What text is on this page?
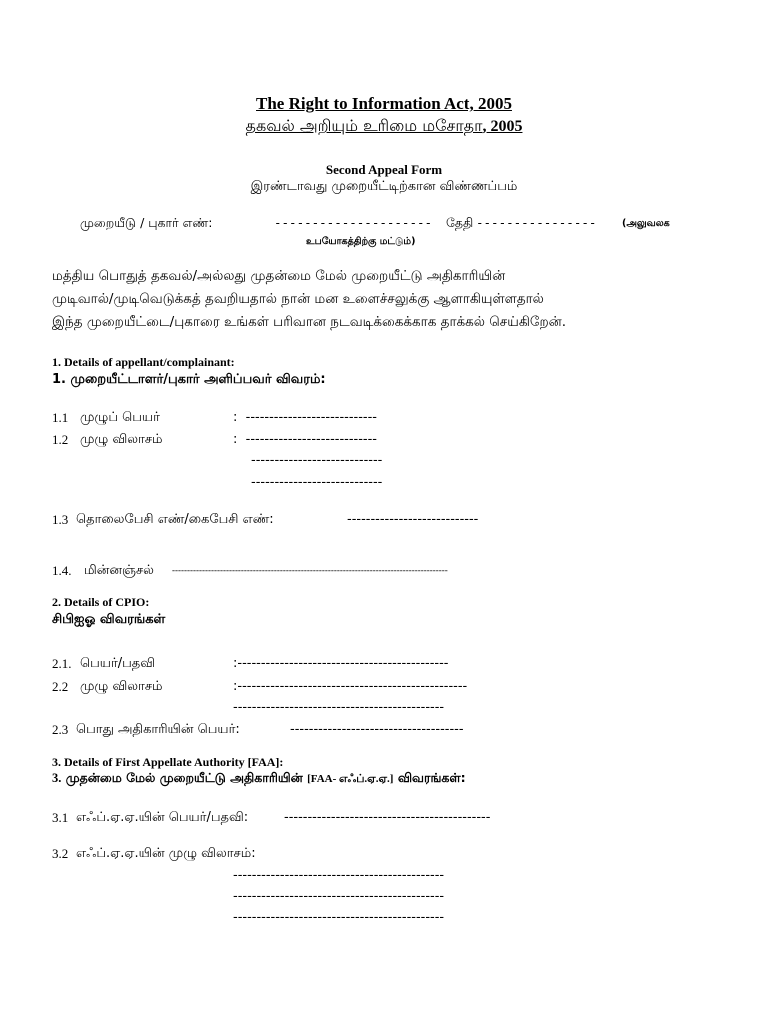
The Right to Information Act, 2005
தகவல் அறியும் உரிமை மசோதா, 2005
Second Appeal Form
இரண்டாவது முறையீட்டிற்கான விண்ணப்பம்
முறையீடு / புகார் எண்:	--------------------- தேதி ----------------	(அலுவலக
உபயோகத்திற்கு மட்டும்)
மத்திய பொதுத் தகவல்/அல்லது முதன்மை மேல் முறையீட்டு அதிகாரியின்
முடிவால்/முடிவெடுக்கத் தவறியதால் நான் மன உளைச்சலுக்கு ஆளாகியுள்ளதால்
இந்த முறையீட்டை/புகாரை உங்கள் பரிவான நடவடிக்கைக்காக தாக்கல் செய்கிறேன்.
1. Details of appellant/complainant:
1. முறையீட்டாளர்/புகார் அளிப்பவர் விவரம்:
1.1 முழுப் பெயர்	:  ----------------------------
1.2 முழு விலாசம்	:  ----------------------------
----------------------------
----------------------------
1.3 தொலைபேசி எண்/கைபேசி எண்:	----------------------------
1.4. மின்னஞ்சல் --------------------------------------------------------------------------------------------
2. Details of CPIO:
சிபிஐஓ விவரங்கள்
2.1. பெயர்/பதவி	:---------------------------------------------
2.2 முழு விலாசம்	:-------------------------------------------------
---------------------------------------------
2.3 பொது அதிகாரியின் பெயர்:	-------------------------------------
3. Details of First Appellate Authority [FAA]:
3. முதன்மை மேல் முறையீட்டு அதிகாரியின் [FAA- எஃப்.ஏ.ஏ.] விவரங்கள்:
3.1 எஃப்.ஏ.ஏ.யின் பெயர்/பதவி:	--------------------------------------------
3.2 எஃப்.ஏ.ஏ.யின் முழு விலாசம்:
---------------------------------------------
---------------------------------------------
---------------------------------------------
